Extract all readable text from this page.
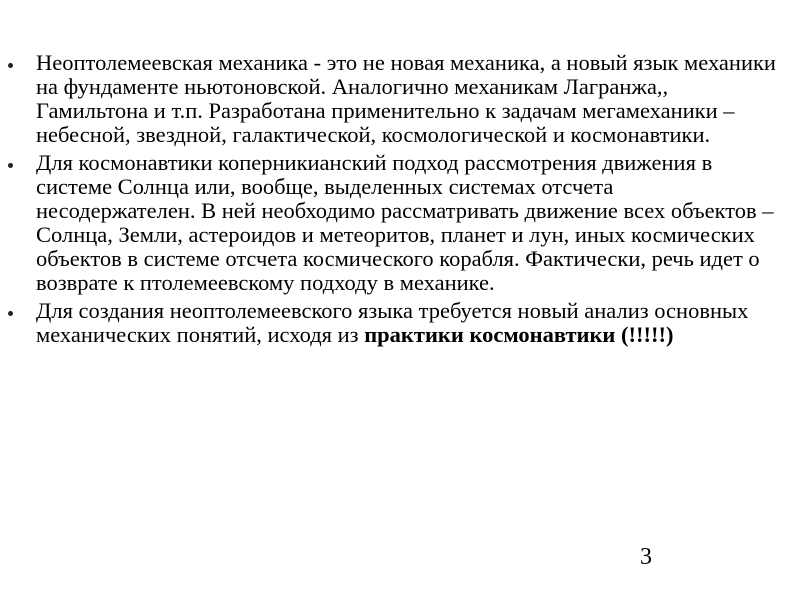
Неоптолемеевская механика - это не новая механика, а новый язык механики на фундаменте ньютоновской. Аналогично механикам Лагранжа,, Гамильтона и т.п. Разработана применительно к задачам мегамеханики – небесной, звездной, галактической, космологической и космонавтики.
Для космонавтики коперникианский подход рассмотрения движения в системе Солнца или, вообще, выделенных системах отсчета несодержателен. В ней необходимо рассматривать движение всех объектов – Солнца, Земли, астероидов и метеоритов, планет и лун, иных космических объектов в системе отсчета космического корабля. Фактически, речь идет о возврате к птолемеевскому подходу в механике.
Для создания неоптолемеевского языка требуется новый анализ основных механических понятий, исходя из практики космонавтики (!!!!!)
3
